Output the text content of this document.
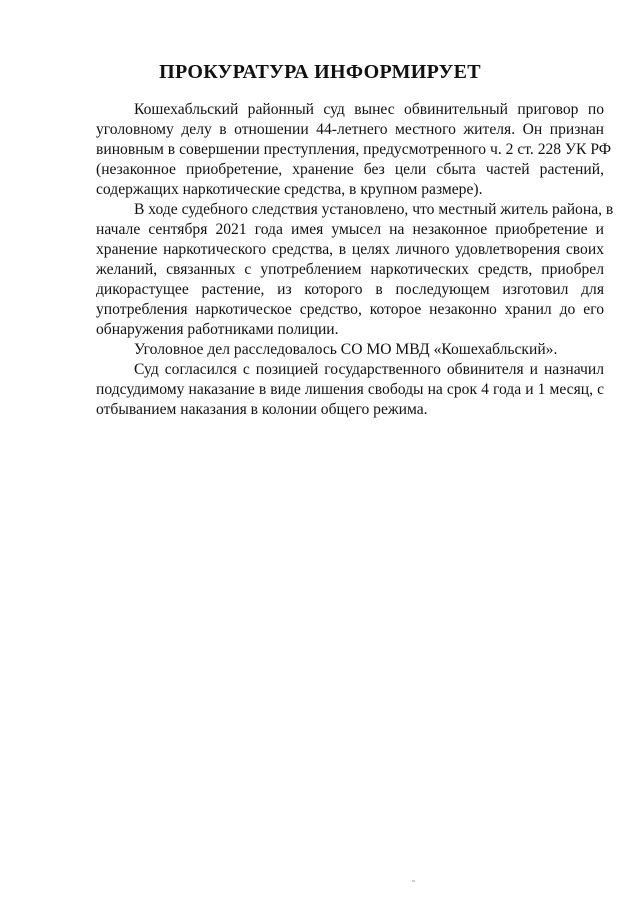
ПРОКУРАТУРА ИНФОРМИРУЕТ
Кошехабльский районный суд вынес обвинительный приговор по
уголовному делу в отношении 44-летнего местного жителя. Он признан
виновным в совершении преступления, предусмотренного ч. 2 ст. 228 УК РФ
(незаконное приобретение, хранение без цели сбыта частей растений,
содержащих наркотические средства, в крупном размере).
В ходе судебного следствия установлено, что местный житель района, в
начале сентября 2021 года имея умысел на незаконное приобретение и
хранение наркотического средства, в целях личного удовлетворения своих
желаний, связанных с употреблением наркотических средств, приобрел
дикорастущее растение, из которого в последующем изготовил для
употребления наркотическое средство, которое незаконно хранил до его
обнаружения работниками полиции.
Уголовное дел расследовалось СО МО МВД «Кошехабльский».
Суд согласился с позицией государственного обвинителя и назначил
подсудимому наказание в виде лишения свободы на срок 4 года и 1 месяц, с
отбыванием наказания в колонии общего режима.
